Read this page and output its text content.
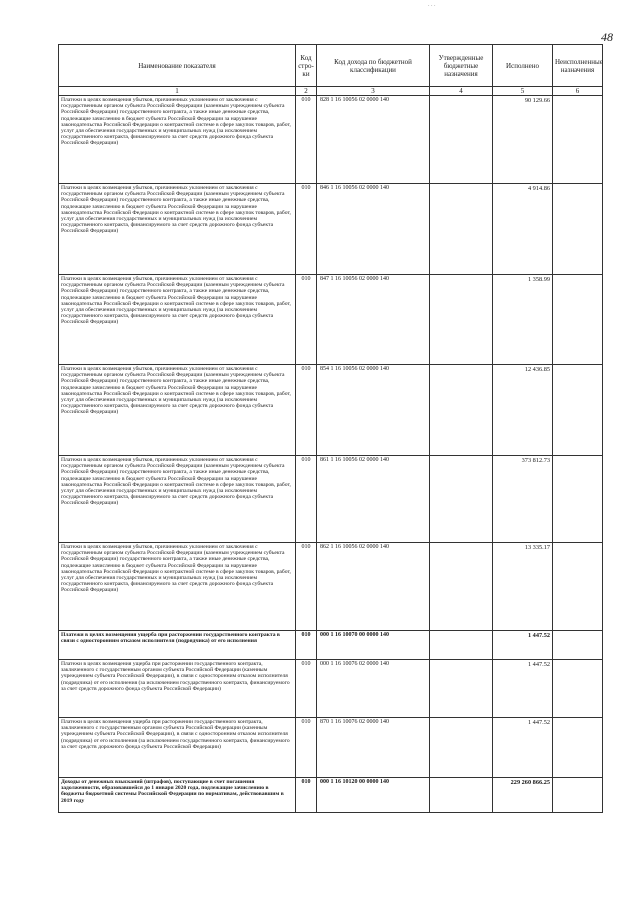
. . .
48
Наименование показателя	Код стро-ки	Код дохода по бюджетной классификации	Утвержденные бюджетные назначения	Исполнено	Неисполненные назначения
1	2	3	4	5	6
Платежи в целях возмещения убытков, причиненных уклонением от заключения с государственным органом субъекта Российской Федерации (казенным учреждением субъекта Российской Федерации) государственного контракта, а также иные денежные средства, подлежащие зачислению в бюджет субъекта Российской Федерации за нарушение законодательства Российской Федерации о контрактной системе в сфере закупок товаров, работ, услуг для обеспечения государственных и муниципальных нужд (за исключением государственного контракта, финансируемого за счет средств дорожного фонда субъекта Российской Федерации)	010	828 1 16 10056 02 0000 140		90 129.66	
Платежи в целях возмещения убытков, причиненных уклонением от заключения с государственным органом субъекта Российской Федерации (казенным учреждением субъекта Российской Федерации) государственного контракта, а также иные денежные средства, подлежащие зачислению в бюджет субъекта Российской Федерации за нарушение законодательства Российской Федерации о контрактной системе в сфере закупок товаров, работ, услуг для обеспечения государственных и муниципальных нужд (за исключением государственного контракта, финансируемого за счет средств дорожного фонда субъекта Российской Федерации)	010	846 1 16 10056 02 0000 140		4 914.86	
Платежи в целях возмещения убытков, причиненных уклонением от заключения с государственным органом субъекта Российской Федерации (казенным учреждением субъекта Российской Федерации) государственного контракта, а также иные денежные средства, подлежащие зачислению в бюджет субъекта Российской Федерации за нарушение законодательства Российской Федерации о контрактной системе в сфере закупок товаров, работ, услуг для обеспечения государственных и муниципальных нужд (за исключением государственного контракта, финансируемого за счет средств дорожного фонда субъекта Российской Федерации)	010	847 1 16 10056 02 0000 140		1 358.99	
Платежи в целях возмещения убытков, причиненных уклонением от заключения с государственным органом субъекта Российской Федерации (казенным учреждением субъекта Российской Федерации) государственного контракта, а также иные денежные средства, подлежащие зачислению в бюджет субъекта Российской Федерации за нарушение законодательства Российской Федерации о контрактной системе в сфере закупок товаров, работ, услуг для обеспечения государственных и муниципальных нужд (за исключением государственного контракта, финансируемого за счет средств дорожного фонда субъекта Российской Федерации)	010	854 1 16 10056 02 0000 140		12 436.85	
Платежи в целях возмещения убытков, причиненных уклонением от заключения с государственным органом субъекта Российской Федерации (казенным учреждением субъекта Российской Федерации) государственного контракта, а также иные денежные средства, подлежащие зачислению в бюджет субъекта Российской Федерации за нарушение законодательства Российской Федерации о контрактной системе в сфере закупок товаров, работ, услуг для обеспечения государственных и муниципальных нужд (за исключением государственного контракта, финансируемого за счет средств дорожного фонда субъекта Российской Федерации)	010	861 1 16 10056 02 0000 140		373 812.73	
Платежи в целях возмещения убытков, причиненных уклонением от заключения с государственным органом субъекта Российской Федерации (казенным учреждением субъекта Российской Федерации) государственного контракта, а также иные денежные средства, подлежащие зачислению в бюджет субъекта Российской Федерации за нарушение законодательства Российской Федерации о контрактной системе в сфере закупок товаров, работ, услуг для обеспечения государственных и муниципальных нужд (за исключением государственного контракта, финансируемого за счет средств дорожного фонда субъекта Российской Федерации)	010	862 1 16 10056 02 0000 140		13 335.17	
Платежи в целях возмещения ущерба при расторжении государственного контракта в связи с односторонним отказом исполнителя (подрядчика) от его исполнения	010	000 1 16 10070 00 0000 140		1 447.52	
Платежи в целях возмещения ущерба при расторжении государственного контракта, заключенного с государственным органом субъекта Российской Федерации (казенным учреждением субъекта Российской Федерации), в связи с односторонним отказом исполнителя (подрядчика) от его исполнения (за исключением государственного контракта, финансируемого за счет средств дорожного фонда субъекта Российской Федерации)	010	000 1 16 10076 02 0000 140		1 447.52	
Платежи в целях возмещения ущерба при расторжении государственного контракта, заключенного с государственным органом субъекта Российской Федерации (казенным учреждением субъекта Российской Федерации), в связи с односторонним отказом исполнителя (подрядчика) от его исполнения (за исключением государственного контракта, финансируемого за счет средств дорожного фонда субъекта Российской Федерации)	010	870 1 16 10076 02 0000 140		1 447.52	
Доходы от денежных взысканий (штрафов), поступающие в счет погашения задолженности, образовавшейся до 1 января 2020 года, подлежащие зачислению в бюджеты бюджетной системы Российской Федерации по нормативам, действовавшим в 2019 году	010	000 1 16 10120 00 0000 140		229 260 866.25	
